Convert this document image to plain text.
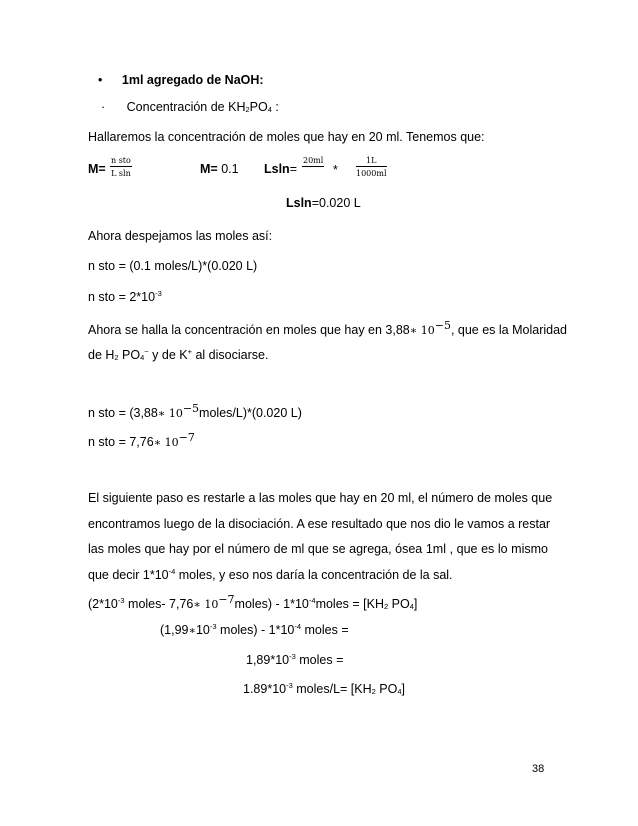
• 1ml agregado de NaOH:
· Concentración de $KH_2PO_4$ :
Hallaremos la concentración de moles que hay en 20 ml. Tenemos que:
M=
n sto
L sln	M= 0.1 Lsln=
20ml

* $\frac{1L}{1000ml}$
Lsln=0.020 L
Ahora despejamos las moles así:
n sto = (0.1 moles/L)*(0.020 L)
n sto = $2*10^{-3}$
Ahora se halla la concentración en moles que hay en 3,88∗ $10^{-5}$, que es la Molaridad
de $H_2$ $PO_4^-$ y de K+ al disociarse.
n sto = (3,88∗ $10^{-5}moles/L)*(0.020$ L)
n sto = 7,76∗ $10^{-7}$
El siguiente paso es restarle a las moles que hay en 20 ml, el número de moles que
encontramos luego de la disociación. A ese resultado que nos dio le vamos a restar
las moles que hay por el número de ml que se agrega, ósea 1ml , que es lo mismo
que decir $1*10^{-4}$ moles, y eso nos daría la concentración de la sal.
($2*10^{-3}$ moles- 7,76∗ $10^{-7}moles$) - $1*10^{-4}moles = [KH_2$ $PO_4$]
($1,99∗10^{-3}$ moles) - $1*10^{-4}$ moles =
$1,89*10^{-3}$ moles =
$1.89*10^{-3}$ moles/L= [$KH_2$ $PO_4$]
38
